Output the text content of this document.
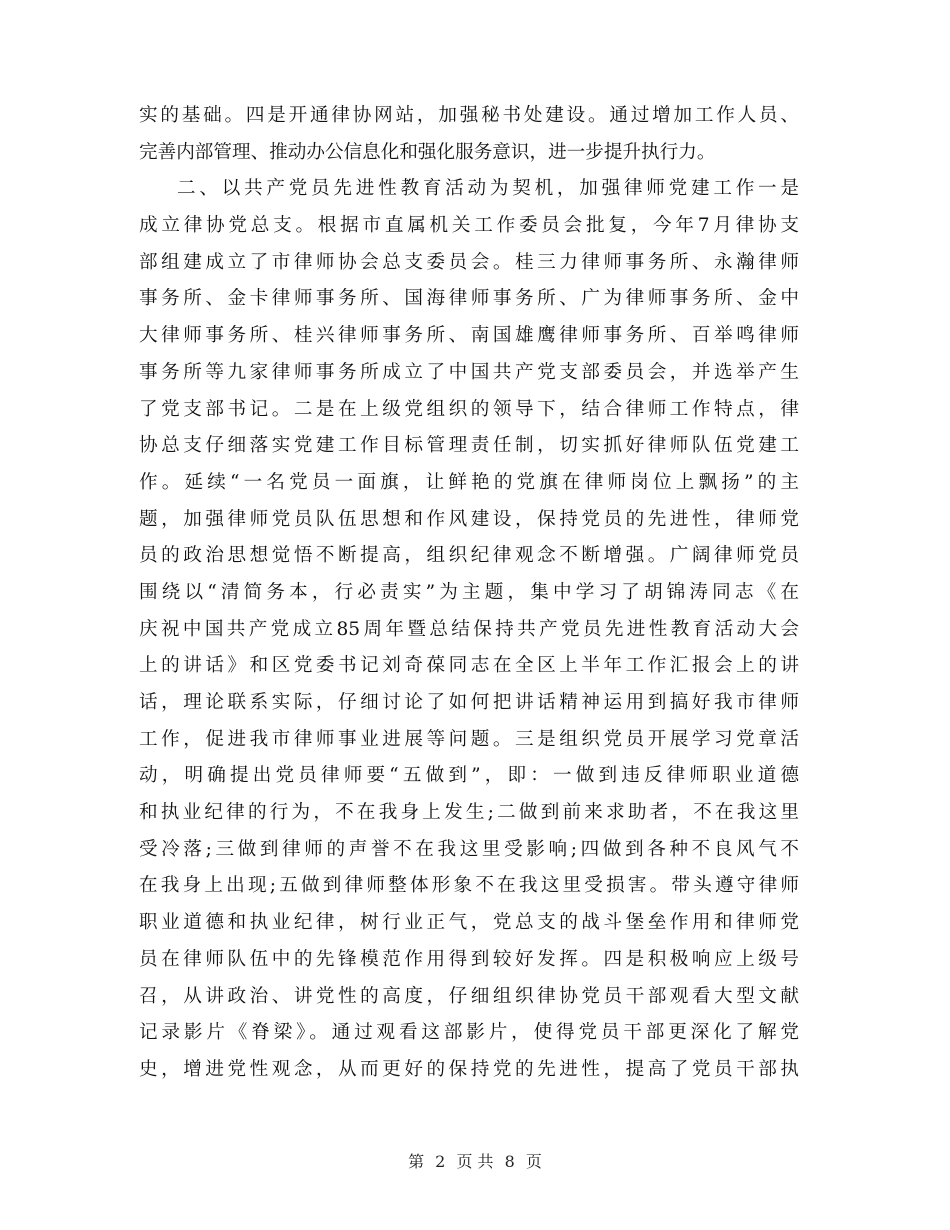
实的基础。四是开通律协网站，加强秘书处建设。通过增加工作人员、
完善内部管理、推动办公信息化和强化服务意识，进一步提升执行力。
二、以共产党员先进性教育活动为契机，加强律师党建工作一是
成立律协党总支。根据市直属机关工作委员会批复，今年7月律协支
部组建成立了市律师协会总支委员会。桂三力律师事务所、永瀚律师
事务所、金卡律师事务所、国海律师事务所、广为律师事务所、金中
大律师事务所、桂兴律师事务所、南国雄鹰律师事务所、百举鸣律师
事务所等九家律师事务所成立了中国共产党支部委员会，并选举产生
了党支部书记。二是在上级党组织的领导下，结合律师工作特点，律
协总支仔细落实党建工作目标管理责任制，切实抓好律师队伍党建工
作。延续“一名党员一面旗，让鲜艳的党旗在律师岗位上飘扬”的主
题，加强律师党员队伍思想和作风建设，保持党员的先进性，律师党
员的政治思想觉悟不断提高，组织纪律观念不断增强。广阔律师党员
围绕以“清简务本，行必责实”为主题，集中学习了胡锦涛同志《在
庆祝中国共产党成立85周年暨总结保持共产党员先进性教育活动大会
上的讲话》和区党委书记刘奇葆同志在全区上半年工作汇报会上的讲
话，理论联系实际，仔细讨论了如何把讲话精神运用到搞好我市律师
工作，促进我市律师事业进展等问题。三是组织党员开展学习党章活
动，明确提出党员律师要“五做到”，即：一做到违反律师职业道德
和执业纪律的行为，不在我身上发生;二做到前来求助者，不在我这里
受冷落;三做到律师的声誉不在我这里受影响;四做到各种不良风气不
在我身上出现;五做到律师整体形象不在我这里受损害。带头遵守律师
职业道德和执业纪律，树行业正气，党总支的战斗堡垒作用和律师党
员在律师队伍中的先锋模范作用得到较好发挥。四是积极响应上级号
召，从讲政治、讲党性的高度，仔细组织律协党员干部观看大型文献
记录影片《脊梁》。通过观看这部影片，使得党员干部更深化了解党
史，增进党性观念，从而更好的保持党的先进性，提高了党员干部执
第 2 页 共 8 页
